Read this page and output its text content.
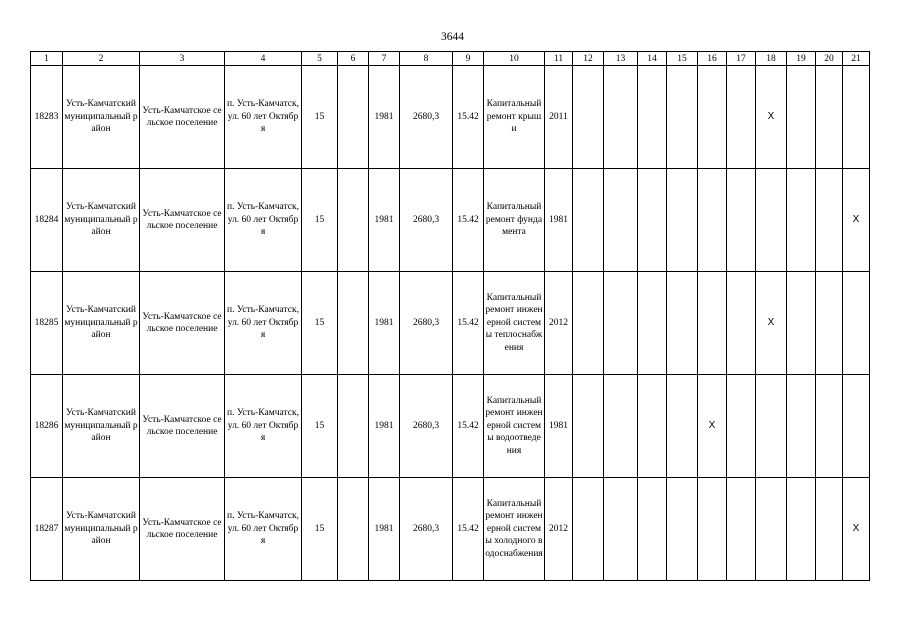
3644
1	2	3	4	5	6	7	8	9	10	11	12	13	14	15	16	17	18	19	20	21
18283	Усть-Камчатский муниципальный район	Усть-Камчатское сельское поселение	п. Усть-Камчатск, ул. 60 лет Октября	15		1981	2680,3	15.42	Капитальный ремонт крыши	2011							X			
18284	Усть-Камчатский муниципальный район	Усть-Камчатское сельское поселение	п. Усть-Камчатск, ул. 60 лет Октября	15		1981	2680,3	15.42	Капитальный ремонт фундамента	1981										X
18285	Усть-Камчатский муниципальный район	Усть-Камчатское сельское поселение	п. Усть-Камчатск, ул. 60 лет Октября	15		1981	2680,3	15.42	Капитальный ремонт инженерной системы теплоснабжения	2012							X			
18286	Усть-Камчатский муниципальный район	Усть-Камчатское сельское поселение	п. Усть-Камчатск, ул. 60 лет Октября	15		1981	2680,3	15.42	Капитальный ремонт инженерной системы водоотведения	1981					X					
18287	Усть-Камчатский муниципальный район	Усть-Камчатское сельское поселение	п. Усть-Камчатск, ул. 60 лет Октября	15		1981	2680,3	15.42	Капитальный ремонт инженерной системы холодного водоснабжения	2012										X
